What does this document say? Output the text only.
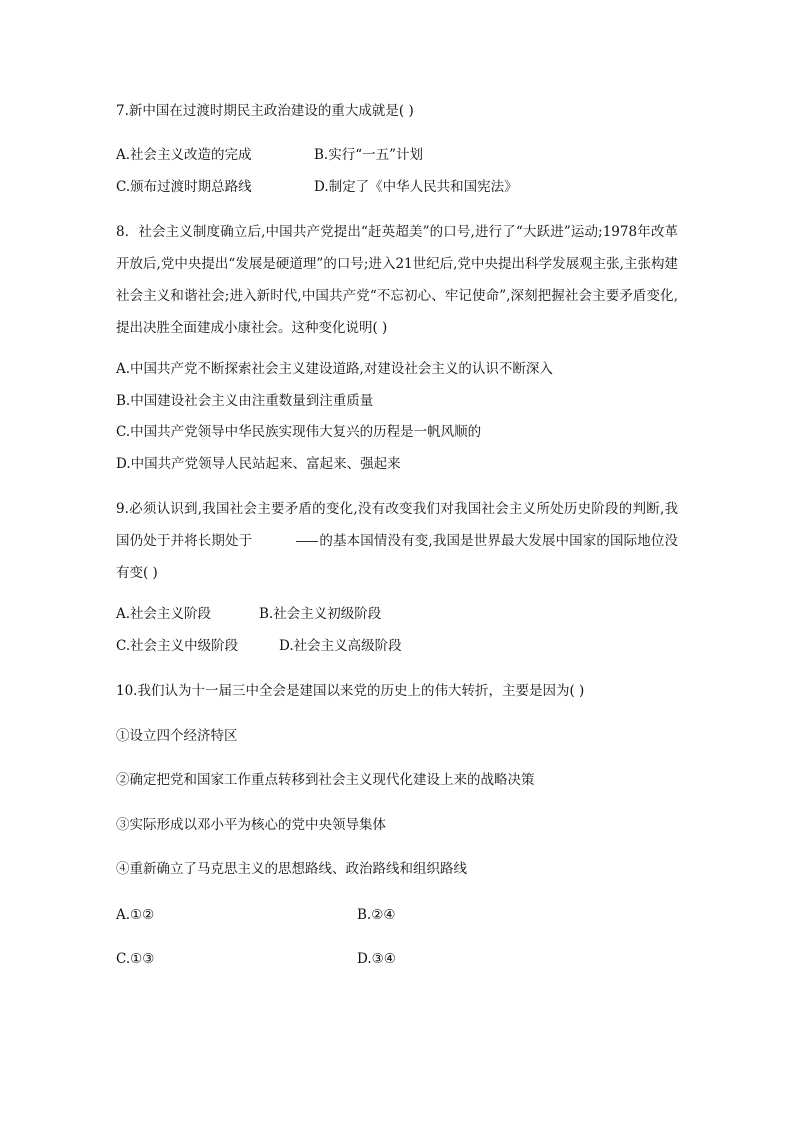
7.新中国在过渡时期民主政治建设的重大成就是( )
A.社会主义改造的完成	B.实行“一五”计划
C.颁布过渡时期总路线	D.制定了《中华人民共和国宪法》
8．社会主义制度确立后,中国共产党提出“赶英超美”的口号,进行了“大跃进”运动;1978年改革开放后,党中央提出“发展是硬道理”的口号;进入21世纪后,党中央提出科学发展观主张,主张构建社会主义和谐社会;进入新时代,中国共产党“不忘初心、牢记使命”,深刻把握社会主要矛盾变化,提出决胜全面建成小康社会。这种变化说明( )
A.中国共产党不断探索社会主义建设道路,对建设社会主义的认识不断深入
B.中国建设社会主义由注重数量到注重质量
C.中国共产党领导中华民族实现伟大复兴的历程是一帆风顺的
D.中国共产党领导人民站起来、富起来、强起来
9.必须认识到,我国社会主要矛盾的变化,没有改变我们对我国社会主义所处历史阶段的判断,我国仍处于并将长期处于	的基本国情没有变,我国是世界最大发展中国家的国际地位没有变( )
A.社会主义阶段	B.社会主义初级阶段
C.社会主义中级阶段	D.社会主义高级阶段
10.我们认为十一届三中全会是建国以来党的历史上的伟大转折，主要是因为( )
①设立四个经济特区
②确定把党和国家工作重点转移到社会主义现代化建设上来的战略决策
③实际形成以邓小平为核心的党中央领导集体
④重新确立了马克思主义的思想路线、政治路线和组织路线
A.①②	B.②④
C.①③	D.③④
